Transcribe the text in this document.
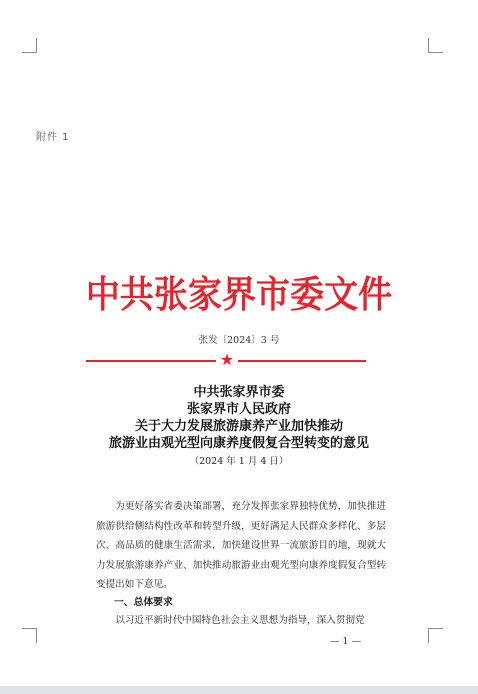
附件 1
中共张家界市委文件
张发〔2024〕3 号
★
中共张家界市委
张家界市人民政府
关于大力发展旅游康养产业加快推动
旅游业由观光型向康养度假复合型转变的意见
（2024 年 1 月 4 日）

为更好落实省委决策部署，充分发挥张家界独特优势，加快推进旅游供给侧结构性改革和转型升级，更好满足人民群众多样化、多层次、高品质的健康生活需求，加快建设世界一流旅游目的地，现就大力发展旅游康养产业、加快推动旅游业由观光型向康养度假复合型转变提出如下意见。

一、总体要求
以习近平新时代中国特色社会主义思想为指导，深入贯彻党
— 1 —
